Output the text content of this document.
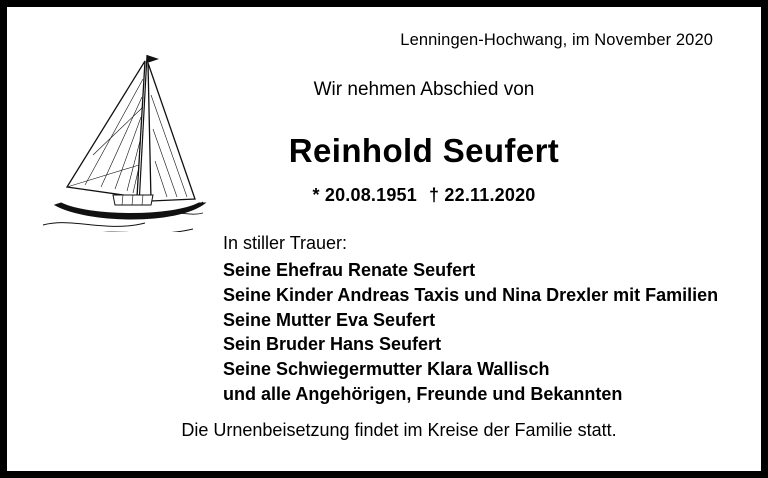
Lenningen-Hochwang, im November 2020
Wir nehmen Abschied von
Reinhold Seufert
* 20.08.1951 † 22.11.2020
In stiller Trauer:
Seine Ehefrau Renate Seufert
Seine Kinder Andreas Taxis und Nina Drexler mit Familien
Seine Mutter Eva Seufert
Sein Bruder Hans Seufert
Seine Schwiegermutter Klara Wallisch
und alle Angehörigen, Freunde und Bekannten
Die Urnenbeisetzung findet im Kreise der Familie statt.
